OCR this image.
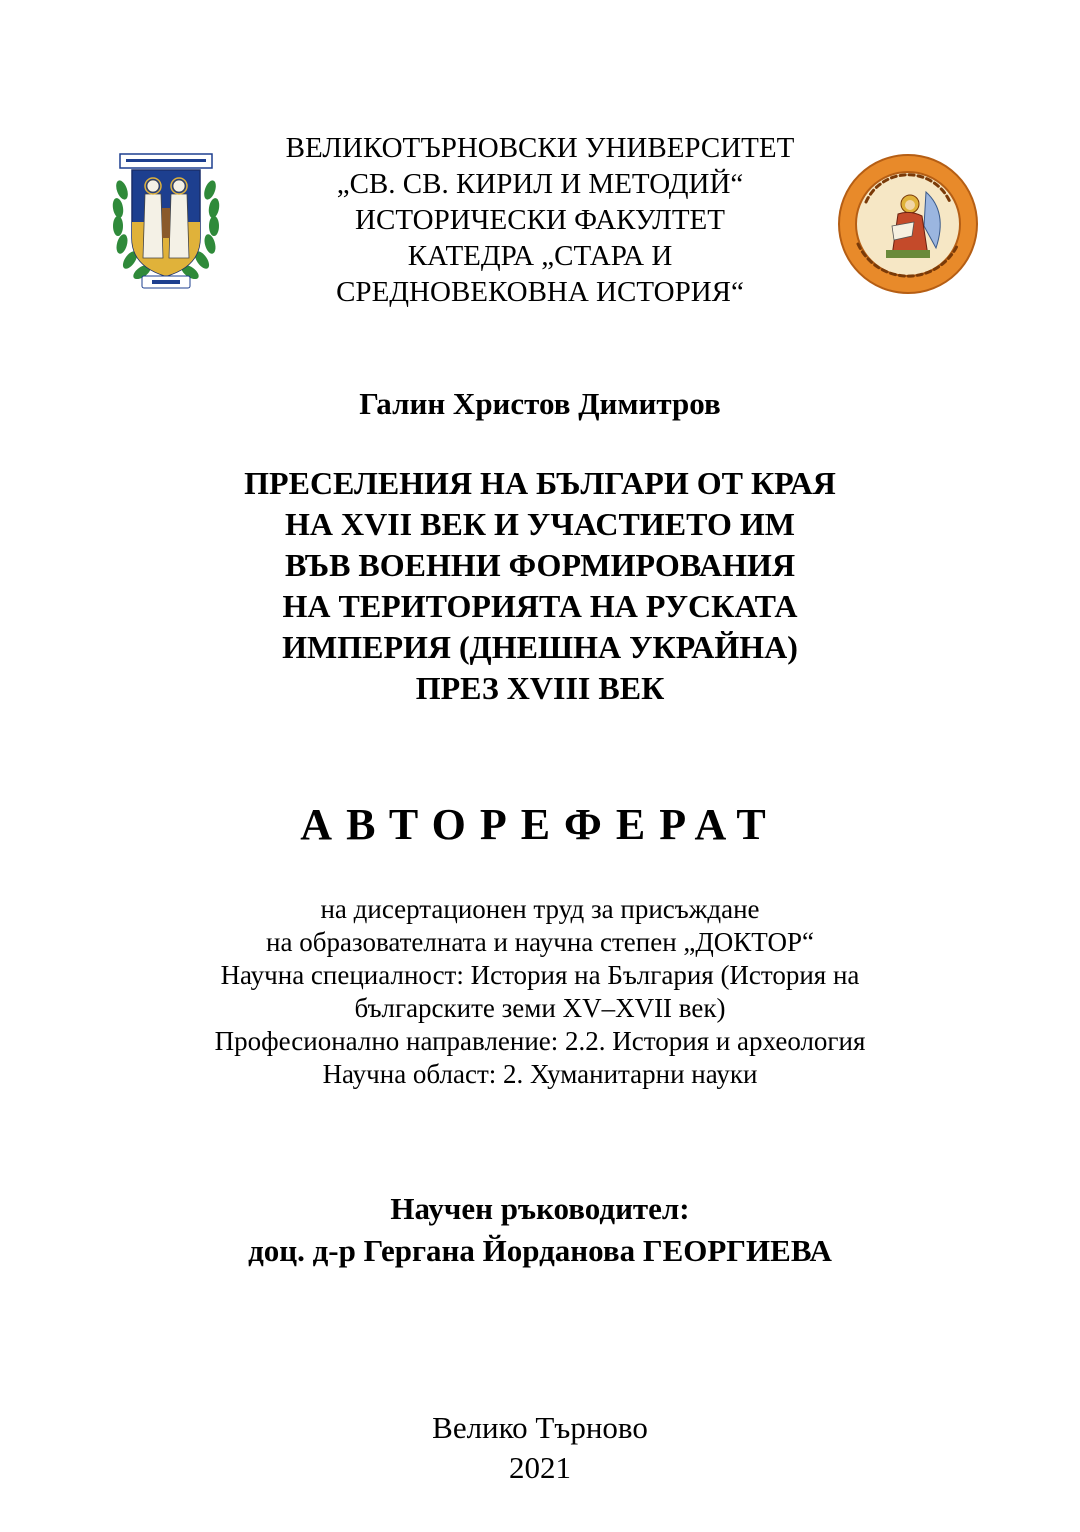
ВЕЛИКОТЪРНОВСКИ УНИВЕРСИТЕТ
„СВ. СВ. КИРИЛ И МЕТОДИЙ“
ИСТОРИЧЕСКИ ФАКУЛТЕТ
КАТЕДРА „СТАРА И
СРЕДНОВЕКОВНА ИСТОРИЯ“
Галин Христов Димитров
ПРЕСЕЛЕНИЯ НА БЪЛГАРИ ОТ КРАЯ
НА XVII ВЕК И УЧАСТИЕТО ИМ
ВЪВ ВОЕННИ ФОРМИРОВАНИЯ
НА ТЕРИТОРИЯТА НА РУСКАТА
ИМПЕРИЯ (ДНЕШНА УКРАЙНА)
ПРЕЗ XVIII ВЕК
АВТОРЕФЕРАТ
на дисертационен труд за присъждане
на образователната и научна степен „ДОКТОР“
Научна специалност: История на България (История на
българските земи XV–XVII век)
Професионално направление: 2.2. История и археология
Научна област: 2. Хуманитарни науки
Научен ръководител:
доц. д-р Гергана Йорданова ГЕОРГИЕВА
Велико Търново
2021
